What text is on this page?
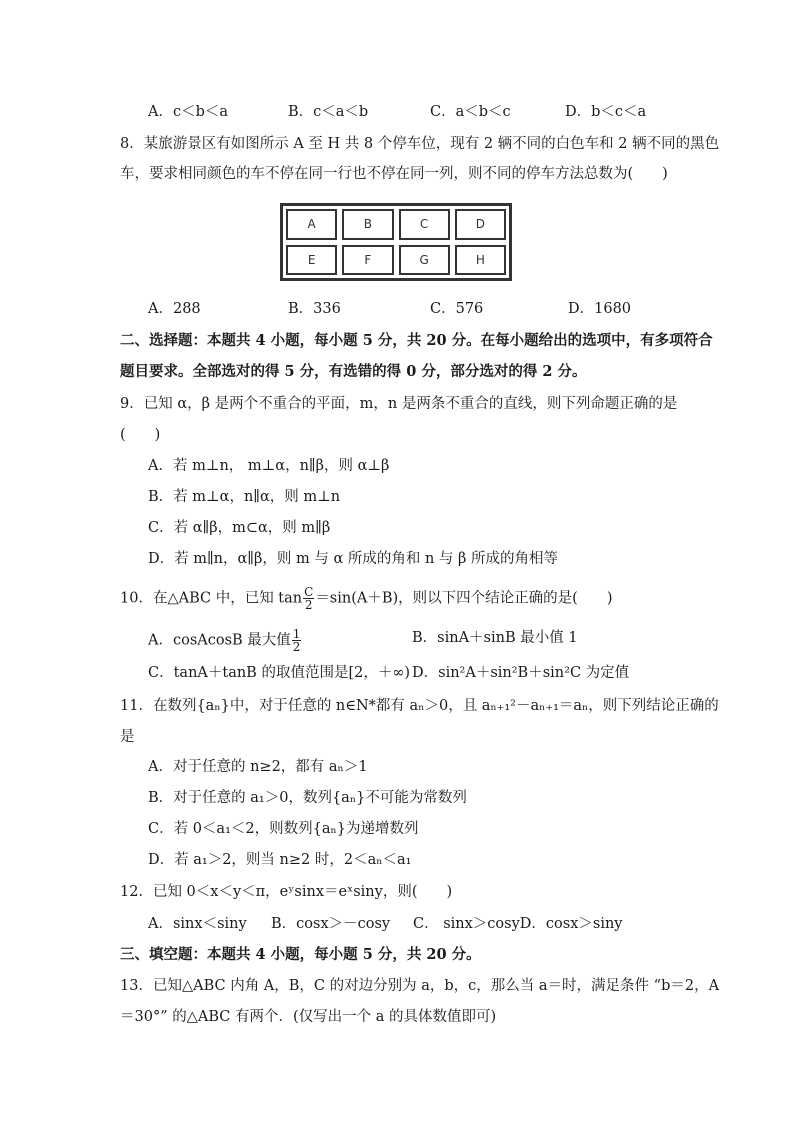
A．c＜b＜a	B．c＜a＜b	C．a＜b＜c	D．b＜c＜a
8．某旅游景区有如图所示 A 至 H 共 8 个停车位，现有 2 辆不同的白色车和 2 辆不同的黑色
车，要求相同颜色的车不停在同一行也不停在同一列，则不同的停车方法总数为(　　)
A	B	C	D
E	F	G	H
A．288	B．336	C．576	D．1680
二、选择题：本题共 4 小题，每小题 5 分，共 20 分。在每小题给出的选项中，有多项符合
题目要求。全部选对的得 5 分，有选错的得 0 分，部分选对的得 2 分。
9．已知 α，β 是两个不重合的平面，m，n 是两条不重合的直线，则下列命题正确的是
(　　)
A．若 m⊥n， m⊥α，n∥β，则 α⊥β
B．若 m⊥α，n∥α，则 m⊥n
C．若 α∥β，m⊂α，则 m∥β
D．若 m∥n，α∥β，则 m 与 α 所成的角和 n 与 β 所成的角相等
10．在△ABC 中，已知 $\tan \frac{C}{2} =\sin(A+B)$，则以下四个结论正确的是(　　)
A．cosAcosB 最大值 $\frac{1}{2}$	B．sinA＋sinB 最小值 1
C．tanA＋tanB 的取值范围是[2，＋∞) D．sin²A＋sin²B＋sin²C 为定值
11．在数列{aₙ}中，对于任意的 n∈N*都有 aₙ＞0，且 aₙ₊₁²－aₙ₊₁＝aₙ，则下列结论正确的
是
A．对于任意的 n≥2，都有 aₙ＞1
B．对于任意的 a₁＞0，数列{aₙ}不可能为常数列
C．若 0＜a₁＜2，则数列{aₙ}为递增数列
D．若 a₁＞2，则当 n≥2 时，2＜aₙ＜a₁
12．已知 0＜x＜y＜π，eʸsinx＝eˣsiny，则(　　)
A．sinx＜siny B．cosx＞－cosy C． sinx＞cosyD．cosx＞siny
三、填空题：本题共 4 小题，每小题 5 分，共 20 分。
13．已知△ABC 内角 A，B，C 的对边分别为 a，b，c，那么当 a＝时，满足条件 “b＝2，A
＝30°” 的△ABC 有两个．(仅写出一个 a 的具体数值即可)
